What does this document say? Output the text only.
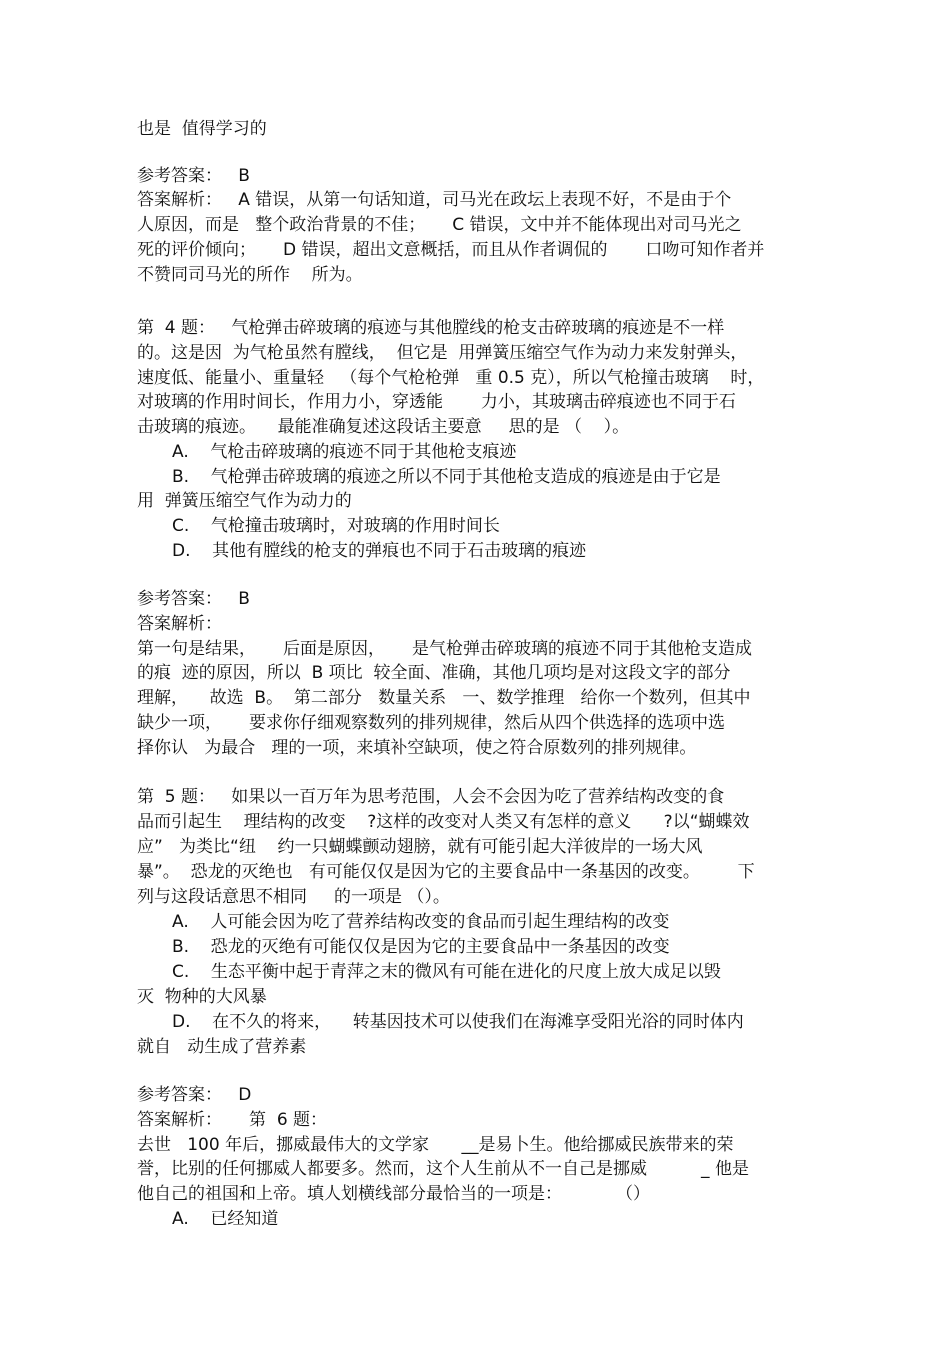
也是  值得学习的
参考答案：   B
答案解析：   A 错误，从第一句话知道，司马光在政坛上表现不好，不是由于个
人原因，而是   整个政治背景的不佳；     C 错误，文中并不能体现出对司马光之
死的评价倾向；     D 错误，超出文意概括，而且从作者调侃的       口吻可知作者并
不赞同司马光的所作    所为。
第  4 题：   气枪弹击碎玻璃的痕迹与其他膛线的枪支击碎玻璃的痕迹是不一样
的。这是因  为气枪虽然有膛线，  但它是  用弹簧压缩空气作为动力来发射弹头，
速度低、能量小、重量轻   （每个气枪枪弹   重 0.5 克），所以气枪撞击玻璃    时，
对玻璃的作用时间长，作用力小，穿透能       力小，其玻璃击碎痕迹也不同于石
击玻璃的痕迹。    最能准确复述这段话主要意     思的是 （    ）。
A.    气枪击碎玻璃的痕迹不同于其他枪支痕迹
B.    气枪弹击碎玻璃的痕迹之所以不同于其他枪支造成的痕迹是由于它是
用  弹簧压缩空气作为动力的
C.    气枪撞击玻璃时，对玻璃的作用时间长
D.    其他有膛线的枪支的弹痕也不同于石击玻璃的痕迹
参考答案：   B
答案解析：
第一句是结果，     后面是原因，     是气枪弹击碎玻璃的痕迹不同于其他枪支造成
的痕  迹的原因，所以  B 项比  较全面、准确，其他几项均是对这段文字的部分
理解，    故选  B。  第二部分   数量关系   一、数学推理   给你一个数列，但其中
缺少一项，     要求你仔细观察数列的排列规律，然后从四个供选择的选项中选
择你认   为最合   理的一项，来填补空缺项，使之符合原数列的排列规律。
第  5 题：   如果以一百万年为思考范围，人会不会因为吃了营养结构改变的食
品而引起生    理结构的改变    ?这样的改变对人类又有怎样的意义      ?以“蝴蝶效
应”   为类比“纽    约一只蝴蝶颤动翅膀，就有可能引起大洋彼岸的一场大风
暴”。  恐龙的灭绝也   有可能仅仅是因为它的主要食品中一条基因的改变。       下
列与这段话意思不相同     的一项是 （）。
A.    人可能会因为吃了营养结构改变的食品而引起生理结构的改变
B.    恐龙的灭绝有可能仅仅是因为它的主要食品中一条基因的改变
C.    生态平衡中起于青萍之末的微风有可能在进化的尺度上放大成足以毁
灭  物种的大风暴
D.    在不久的将来，    转基因技术可以使我们在海滩享受阳光浴的同时体内
就自   动生成了营养素
参考答案：   D
答案解析：     第  6 题：
去世   100 年后，挪威最伟大的文学家      __是易卜生。他给挪威民族带来的荣
誉，比别的任何挪威人都要多。然而，这个人生前从不一自己是挪威          _ 他是
他自己的祖国和上帝。填人划横线部分最恰当的一项是：          （）
A.    已经知道
